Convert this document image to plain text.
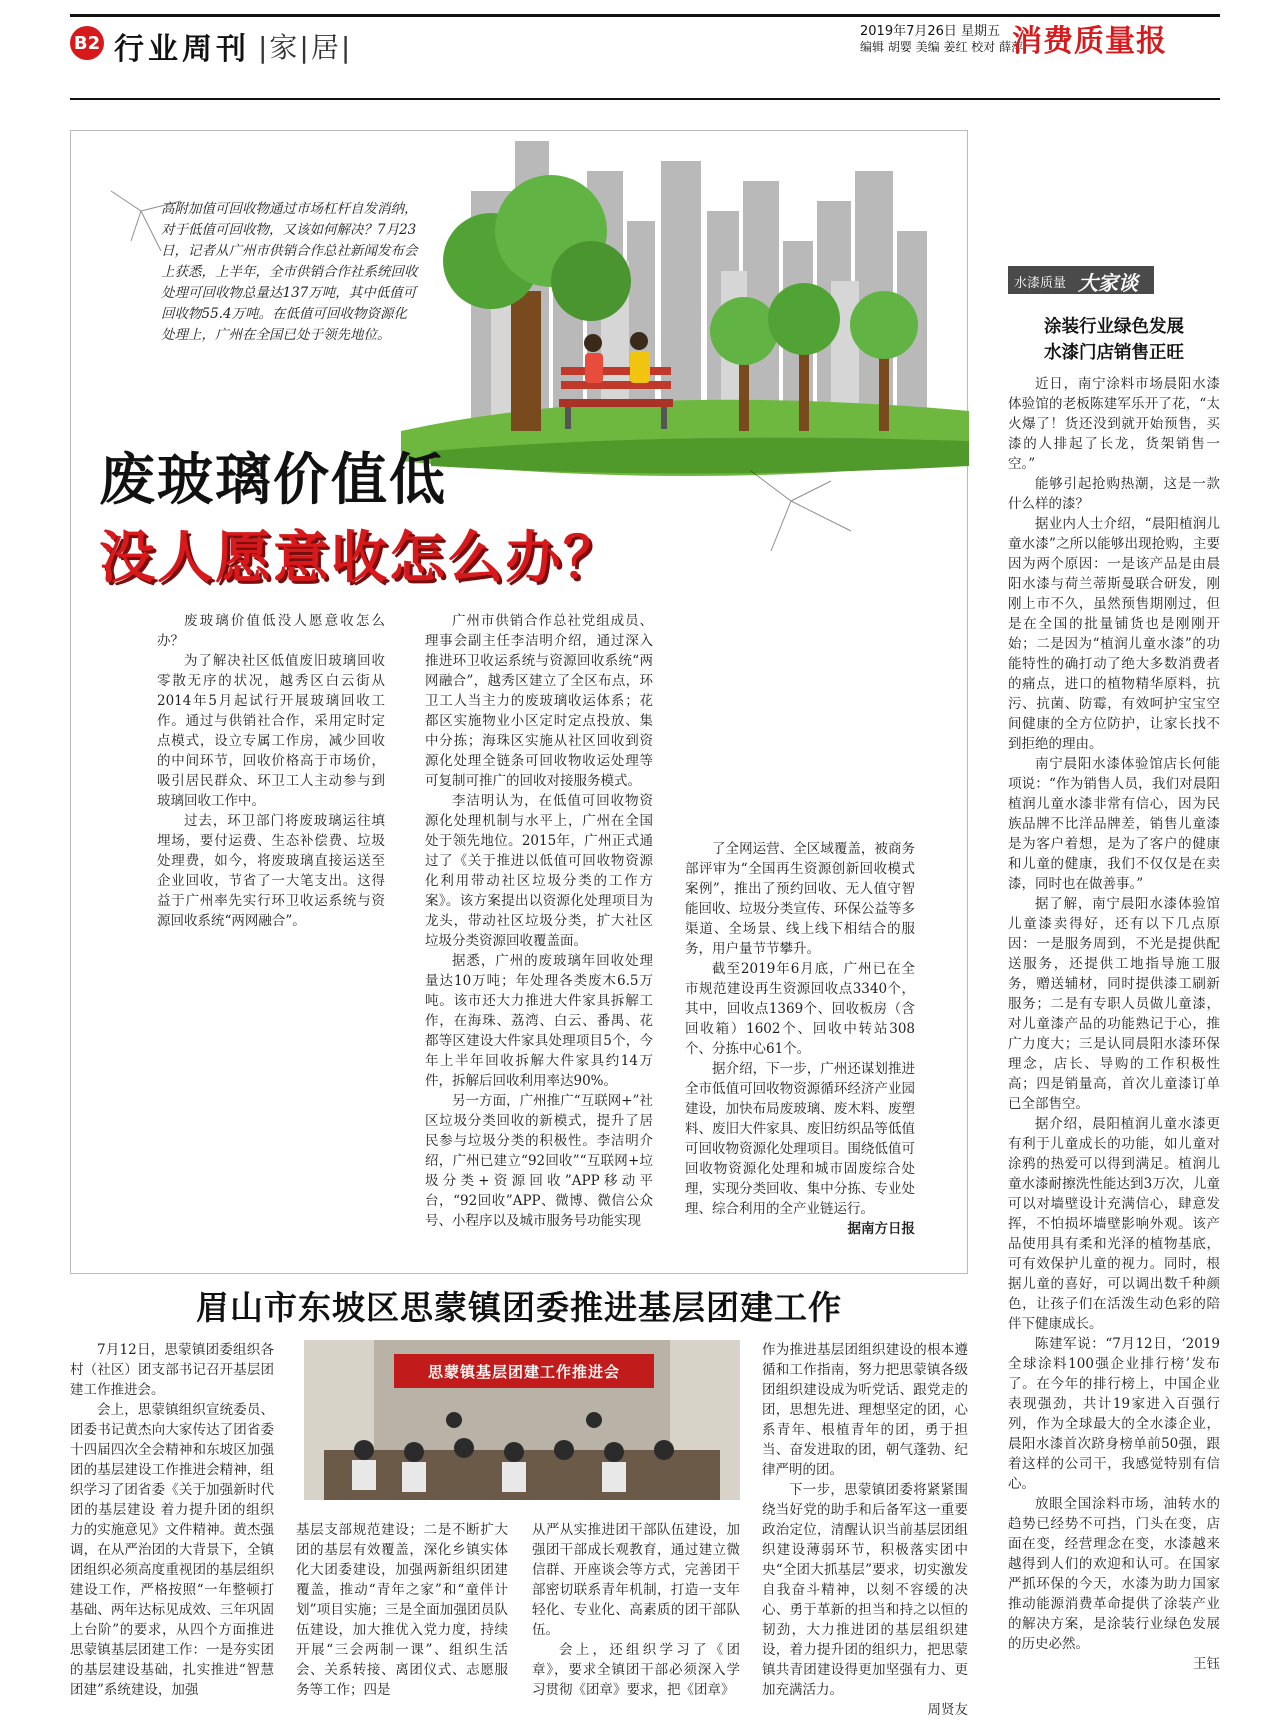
B2 行业周刊 |家|居|	2019年7月26日 星期五
编辑 胡婴 美编 姜红 校对 薛萍
消费质量报
高附加值可回收物通过市场杠杆自发消纳，对于低值可回收物，又该如何解决？7月23日，记者从广州市供销合作总社新闻发布会上获悉，上半年，全市供销合作社系统回收处理可回收物总量达137万吨，其中低值可回收物55.4万吨。在低值可回收物资源化处理上，广州在全国已处于领先地位。
废玻璃价值低
没人愿意收怎么办？

废玻璃价值低没人愿意收怎么办？

为了解决社区低值废旧玻璃回收零散无序的状况，越秀区白云街从2014年5月起试行开展玻璃回收工作。通过与供销社合作，采用定时定点模式，设立专属工作房，减少回收的中间环节，回收价格高于市场价，吸引居民群众、环卫工人主动参与到玻璃回收工作中。

过去，环卫部门将废玻璃运往填埋场，要付运费、生态补偿费、垃圾处理费，如今，将废玻璃直接运送至企业回收，节省了一大笔支出。这得益于广州率先实行环卫收运系统与资源回收系统“两网融合”。

广州市供销合作总社党组成员、理事会副主任李洁明介绍，通过深入推进环卫收运系统与资源回收系统“两网融合”，越秀区建立了全区布点，环卫工人当主力的废玻璃收运体系；花都区实施物业小区定时定点投放、集中分拣；海珠区实施从社区回收到资源化处理全链条可回收物收运处理等可复制可推广的回收对接服务模式。

李洁明认为，在低值可回收物资源化处理机制与水平上，广州在全国处于领先地位。2015年，广州正式通过了《关于推进以低值可回收物资源化利用带动社区垃圾分类的工作方案》。该方案提出以资源化处理项目为龙头，带动社区垃圾分类，扩大社区垃圾分类资源回收覆盖面。

据悉，广州的废玻璃年回收处理量达10万吨；年处理各类废木6.5万吨。该市还大力推进大件家具拆解工作，在海珠、荔湾、白云、番禺、花都等区建设大件家具处理项目5个，今年上半年回收拆解大件家具约14万件，拆解后回收利用率达90%。

另一方面，广州推广“互联网+”社区垃圾分类回收的新模式，提升了居民参与垃圾分类的积极性。李洁明介绍，广州已建立“92回收”“互联网+垃圾分类+资源回收”APP移动平台，“92回收”APP、微博、微信公众号、小程序以及城市服务号功能实现

了全网运营、全区域覆盖，被商务部评审为“全国再生资源创新回收模式案例”，推出了预约回收、无人值守智能回收、垃圾分类宣传、环保公益等多渠道、全场景、线上线下相结合的服务，用户量节节攀升。

截至2019年6月底，广州已在全市规范建设再生资源回收点3340个，其中，回收点1369个、回收板房（含回收箱）1602个、回收中转站308个、分拣中心61个。

据介绍，下一步，广州还谋划推进全市低值可回收物资源循环经济产业园建设，加快布局废玻璃、废木料、废塑料、废旧大件家具、废旧纺织品等低值可回收物资源化处理项目。围绕低值可回收物资源化处理和城市固废综合处理，实现分类回收、集中分拣、专业处理、综合利用的全产业链运行。

据南方日报
眉山市东坡区思蒙镇团委推进基层团建工作
思蒙镇基层团建工作推进会

7月12日，思蒙镇团委组织各村（社区）团支部书记召开基层团建工作推进会。

会上，思蒙镇组织宣统委员、团委书记黄杰向大家传达了团省委十四届四次全会精神和东坡区加强团的基层建设工作推进会精神，组织学习了团省委《关于加强新时代团的基层建设 着力提升团的组织力的实施意见》文件精神。黄杰强调，在从严治团的大背景下，全镇团组织必须高度重视团的基层组织建设工作，严格按照“一年整顿打基础、两年达标见成效、三年巩固上台阶”的要求，从四个方面推进思蒙镇基层团建工作：一是夯实团的基层建设基础，扎实推进“智慧团建”系统建设，加强

基层支部规范建设；二是不断扩大团的基层有效覆盖，深化乡镇实体化大团委建设，加强两新组织团建覆盖，推动“青年之家”和“童伴计划”项目实施；三是全面加强团员队伍建设，加大推优入党力度，持续开展“三会两制一课”、组织生活会、关系转接、离团仪式、志愿服务等工作；四是

从严从实推进团干部队伍建设，加强团干部成长观教育，通过建立微信群、开座谈会等方式，完善团干部密切联系青年机制，打造一支年轻化、专业化、高素质的团干部队伍。

会上，还组织学习了《团章》，要求全镇团干部必须深入学习贯彻《团章》要求，把《团章》

作为推进基层团组织建设的根本遵循和工作指南，努力把思蒙镇各级团组织建设成为听党话、跟党走的团，思想先进、理想坚定的团，心系青年、根植青年的团，勇于担当、奋发进取的团，朝气蓬勃、纪律严明的团。

下一步，思蒙镇团委将紧紧围绕当好党的助手和后备军这一重要政治定位，清醒认识当前基层团组织建设薄弱环节，积极落实团中央“全团大抓基层”要求，切实激发自我奋斗精神，以刻不容缓的决心、勇于革新的担当和持之以恒的韧劲，大力推进团的基层组织建设，着力提升团的组织力，把思蒙镇共青团建设得更加坚强有力、更加充满活力。

周贤友
水漆质量 大家谈
涂装行业绿色发展
水漆门店销售正旺

近日，南宁涂料市场晨阳水漆体验馆的老板陈建军乐开了花，“太火爆了！货还没到就开始预售，买漆的人排起了长龙，货架销售一空。”

能够引起抢购热潮，这是一款什么样的漆？

据业内人士介绍，“晨阳植润儿童水漆”之所以能够出现抢购，主要因为两个原因：一是该产品是由晨阳水漆与荷兰蒂斯曼联合研发，刚刚上市不久，虽然预售期刚过，但是在全国的批量铺货也是刚刚开始；二是因为“植润儿童水漆”的功能特性的确打动了绝大多数消费者的痛点，进口的植物精华原料，抗污、抗菌、防霉，有效呵护宝宝空间健康的全方位防护，让家长找不到拒绝的理由。

南宁晨阳水漆体验馆店长何能项说：“作为销售人员，我们对晨阳植润儿童水漆非常有信心，因为民族品牌不比洋品牌差，销售儿童漆是为客户着想，是为了客户的健康和儿童的健康，我们不仅仅是在卖漆，同时也在做善事。”

据了解，南宁晨阳水漆体验馆儿童漆卖得好，还有以下几点原因：一是服务周到，不光是提供配送服务，还提供工地指导施工服务，赠送辅材，同时提供漆工刷新服务；二是有专职人员做儿童漆，对儿童漆产品的功能熟记于心，推广力度大；三是认同晨阳水漆环保理念，店长、导购的工作积极性高；四是销量高，首次儿童漆订单已全部售空。

据介绍，晨阳植润儿童水漆更有利于儿童成长的功能，如儿童对涂鸦的热爱可以得到满足。植润儿童水漆耐擦洗性能达到3万次，儿童可以对墙壁设计充满信心，肆意发挥，不怕损坏墙壁影响外观。该产品使用具有柔和光泽的植物基底，可有效保护儿童的视力。同时，根据儿童的喜好，可以调出数千种颜色，让孩子们在活泼生动色彩的陪伴下健康成长。

陈建军说：“7月12日，‘2019全球涂料100强企业排行榜’发布了。在今年的排行榜上，中国企业表现强劲，共计19家进入百强行列，作为全球最大的全水漆企业，晨阳水漆首次跻身榜单前50强，跟着这样的公司干，我感觉特别有信心。

放眼全国涂料市场，油转水的趋势已经势不可挡，门头在变，店面在变，经营理念在变，水漆越来越得到人们的欢迎和认可。在国家严抓环保的今天，水漆为助力国家推动能源消费革命提供了涂装产业的解决方案，是涂装行业绿色发展的历史必然。

王钰
